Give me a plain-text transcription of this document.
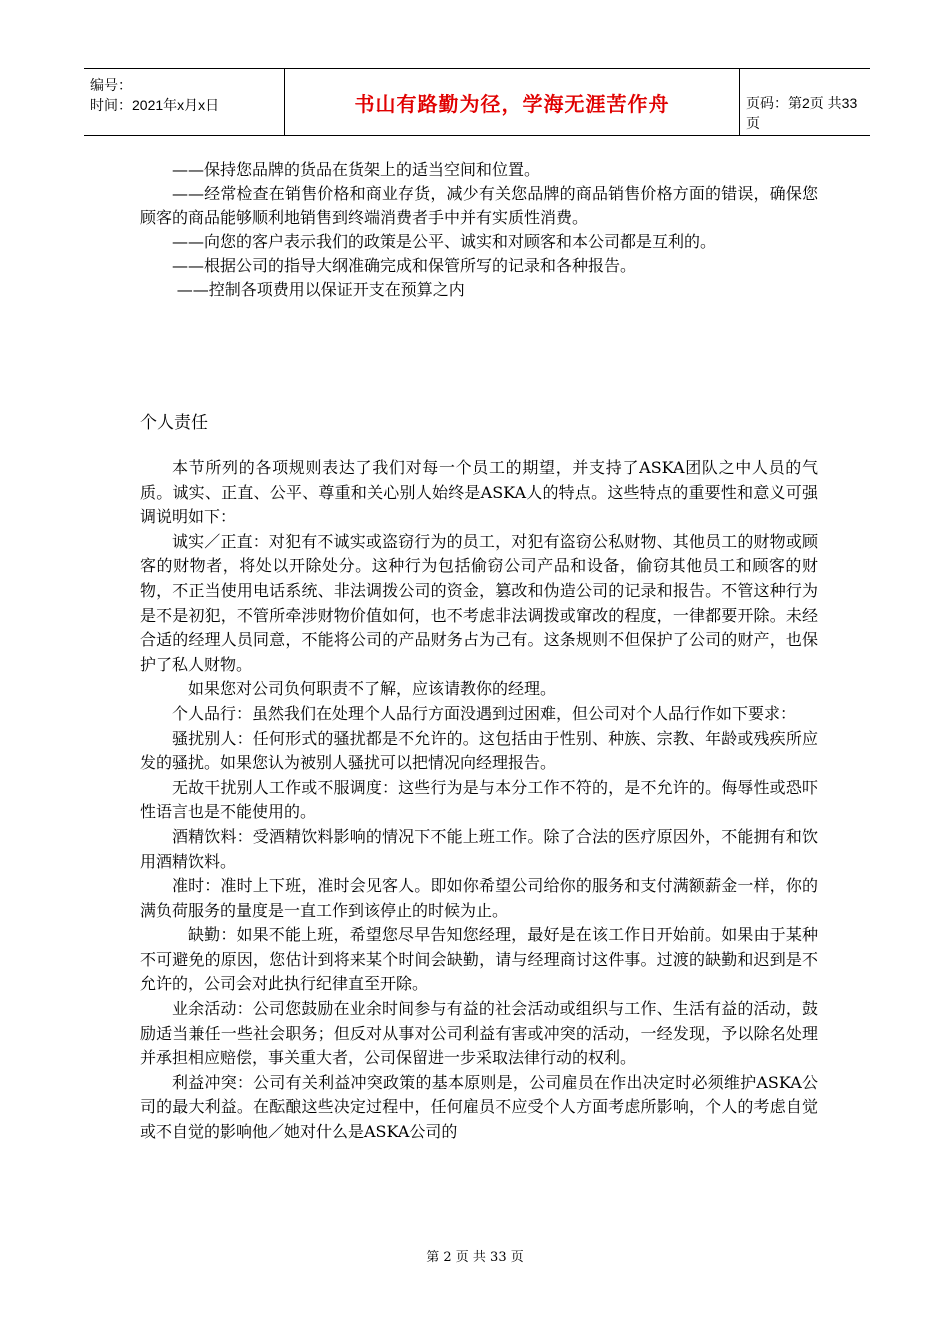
编号：
时间：2021年x月x日	书山有路勤为径，学海无涯苦作舟	页码：第2页 共33页

——保持您品牌的货品在货架上的适当空间和位置。

——经常检查在销售价格和商业存货，减少有关您品牌的商品销售价格方面的错误，确保您顾客的商品能够顺利地销售到终端消费者手中并有实质性消费。

——向您的客户表示我们的政策是公平、诚实和对顾客和本公司都是互利的。

——根据公司的指导大纲准确完成和保管所写的记录和各种报告。

——控制各项费用以保证开支在预算之内

个人责任

本节所列的各项规则表达了我们对每一个员工的期望，并支持了ASKA团队之中人员的气质。诚实、正直、公平、尊重和关心别人始终是ASKA人的特点。这些特点的重要性和意义可强调说明如下：

诚实／正直：对犯有不诚实或盗窃行为的员工，对犯有盗窃公私财物、其他员工的财物或顾客的财物者，将处以开除处分。这种行为包括偷窃公司产品和设备，偷窃其他员工和顾客的财物，不正当使用电话系统、非法调拨公司的资金，篡改和伪造公司的记录和报告。不管这种行为是不是初犯，不管所牵涉财物价值如何，也不考虑非法调拨或窜改的程度，一律都要开除。未经合适的经理人员同意，不能将公司的产品财务占为己有。这条规则不但保护了公司的财产，也保护了私人财物。

如果您对公司负何职责不了解，应该请教你的经理。

个人品行：虽然我们在处理个人品行方面没遇到过困难，但公司对个人品行作如下要求：

骚扰别人：任何形式的骚扰都是不允许的。这包括由于性别、种族、宗教、年龄或残疾所应发的骚扰。如果您认为被别人骚扰可以把情况向经理报告。

无故干扰别人工作或不服调度：这些行为是与本分工作不符的，是不允许的。侮辱性或恐吓性语言也是不能使用的。

酒精饮料：受酒精饮料影响的情况下不能上班工作。除了合法的医疗原因外，不能拥有和饮用酒精饮料。

准时：准时上下班，准时会见客人。即如你希望公司给你的服务和支付满额薪金一样，你的满负荷服务的量度是一直工作到该停止的时候为止。

缺勤：如果不能上班，希望您尽早告知您经理，最好是在该工作日开始前。如果由于某种不可避免的原因，您估计到将来某个时间会缺勤，请与经理商讨这件事。过渡的缺勤和迟到是不允许的，公司会对此执行纪律直至开除。

业余活动：公司您鼓励在业余时间参与有益的社会活动或组织与工作、生活有益的活动，鼓励适当兼任一些社会职务；但反对从事对公司利益有害或冲突的活动，一经发现，予以除名处理并承担相应赔偿，事关重大者，公司保留进一步采取法律行动的权利。

利益冲突：公司有关利益冲突政策的基本原则是，公司雇员在作出决定时必须维护ASKA公司的最大利益。在酝酿这些决定过程中，任何雇员不应受个人方面考虑所影响，个人的考虑自觉或不自觉的影响他／她对什么是ASKA公司的

第 2 页 共 33 页
